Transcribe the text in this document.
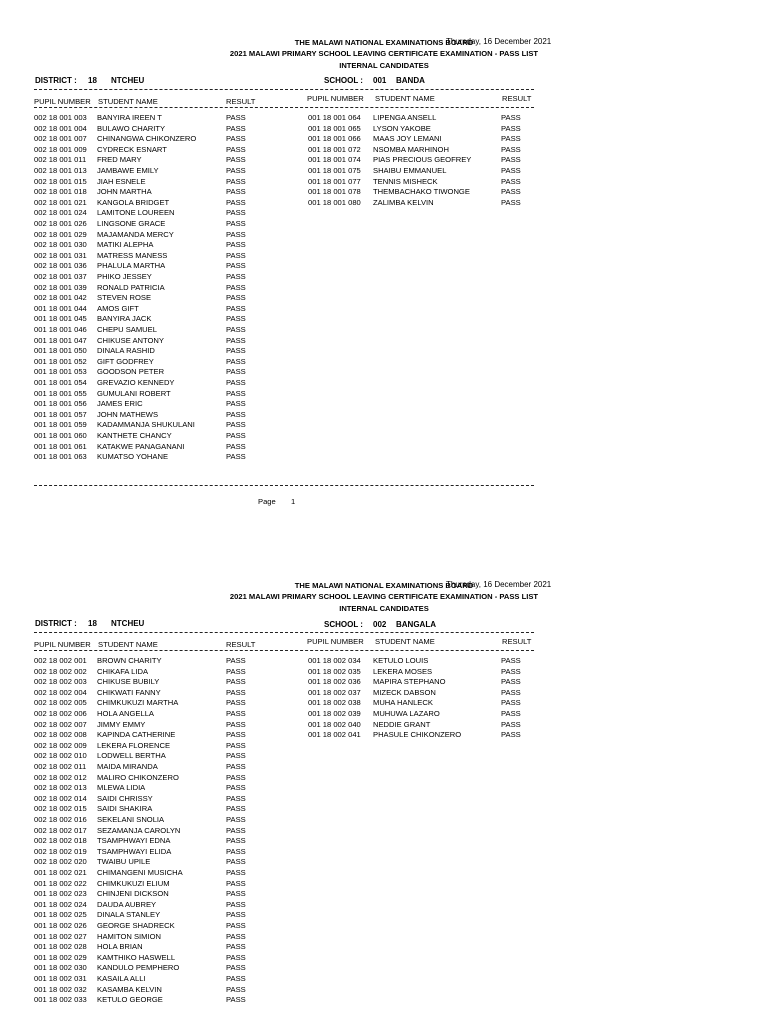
THE MALAWI NATIONAL EXAMINATIONS BOARD
Thursday, 16 December 2021
2021 MALAWI PRIMARY SCHOOL LEAVING CERTIFICATE EXAMINATION - PASS LIST
INTERNAL CANDIDATES
DISTRICT : 18 NTCHEU	SCHOOL : 001 BANDA
PUPIL NUMBER STUDENT NAME	RESULT	PUPIL NUMBER STUDENT NAME	RESULT
002 18 001 003 BANYIRA IREEN T	PASS
002 18 001 004 BULAWO CHARITY	PASS
002 18 001 007 CHINANGWA CHIKONZERO	PASS
002 18 001 009 CYDRECK ESNART	PASS
002 18 001 011 FRED MARY	PASS
002 18 001 013 JAMBAWE EMILY	PASS
002 18 001 015 JIAH ESNELE	PASS
002 18 001 018 JOHN MARTHA	PASS
002 18 001 021 KANGOLA BRIDGET	PASS
002 18 001 024 LAMITONE LOUREEN	PASS
002 18 001 026 LINGSONE GRACE	PASS
002 18 001 029 MAJAMANDA MERCY	PASS
002 18 001 030 MATIKI ALEPHA	PASS
002 18 001 031 MATRESS MANESS	PASS
002 18 001 036 PHALULA MARTHA	PASS
002 18 001 037 PHIKO JESSEY	PASS
002 18 001 039 RONALD PATRICIA	PASS
002 18 001 042 STEVEN ROSE	PASS
001 18 001 044 AMOS GIFT	PASS
001 18 001 045 BANYIRA JACK	PASS
001 18 001 046 CHEPU SAMUEL	PASS
001 18 001 047 CHIKUSE ANTONY	PASS
001 18 001 050 DINALA RASHID	PASS
001 18 001 052 GIFT GODFREY	PASS
001 18 001 053 GOODSON PETER	PASS
001 18 001 054 GREVAZIO KENNEDY	PASS
001 18 001 055 GUMULANI ROBERT	PASS
001 18 001 056 JAMES ERIC	PASS
001 18 001 057 JOHN MATHEWS	PASS
001 18 001 059 KADAMMANJA SHUKULANI	PASS
001 18 001 060 KANTHETE CHANCY	PASS
001 18 001 061 KATAKWE PANAGANANI	PASS
001 18 001 063 KUMATSO YOHANE	PASS
001 18 001 064 LIPENGA ANSELL	PASS
001 18 001 065 LYSON YAKOBE	PASS
001 18 001 066 MAAS JOY LEMANI	PASS
001 18 001 072 NSOMBA MARHINOH	PASS
001 18 001 074 PIAS PRECIOUS GEOFREY	PASS
001 18 001 075 SHAIBU EMMANUEL	PASS
001 18 001 077 TENNIS MISHECK	PASS
001 18 001 078 THEMBACHAKO TIWONGE	PASS
001 18 001 080 ZALIMBA KELVIN	PASS
Page 1
THE MALAWI NATIONAL EXAMINATIONS BOARD
Thursday, 16 December 2021
2021 MALAWI PRIMARY SCHOOL LEAVING CERTIFICATE EXAMINATION - PASS LIST
INTERNAL CANDIDATES
DISTRICT : 18 NTCHEU	SCHOOL : 002 BANGALA
PUPIL NUMBER STUDENT NAME	RESULT	PUPIL NUMBER STUDENT NAME	RESULT
002 18 002 001 BROWN CHARITY	PASS
002 18 002 002 CHIKAFA LIDA	PASS
002 18 002 003 CHIKUSE BUBILY	PASS
002 18 002 004 CHIKWATI FANNY	PASS
002 18 002 005 CHIMKUKUZI MARTHA	PASS
002 18 002 006 HOLA ANGELLA	PASS
002 18 002 007 JIMMY EMMY	PASS
002 18 002 008 KAPINDA CATHERINE	PASS
002 18 002 009 LEKERA FLORENCE	PASS
002 18 002 010 LODWELL BERTHA	PASS
002 18 002 011 MAIDA MIRANDA	PASS
002 18 002 012 MALIRO CHIKONZERO	PASS
002 18 002 013 MLEWA LIDIA	PASS
002 18 002 014 SAIDI CHRISSY	PASS
002 18 002 015 SAIDI SHAKIRA	PASS
002 18 002 016 SEKELANI SNOLIA	PASS
002 18 002 017 SEZAMANJA CAROLYN	PASS
002 18 002 018 TSAMPHWAYI EDNA	PASS
002 18 002 019 TSAMPHWAYI ELIDA	PASS
002 18 002 020 TWAIBU UPILE	PASS
001 18 002 021 CHIMANGENI MUSICHA	PASS
001 18 002 022 CHIMKUKUZI ELIUM	PASS
001 18 002 023 CHINJENI DICKSON	PASS
001 18 002 024 DAUDA AUBREY	PASS
001 18 002 025 DINALA STANLEY	PASS
001 18 002 026 GEORGE SHADRECK	PASS
001 18 002 027 HAMITON SIMION	PASS
001 18 002 028 HOLA BRIAN	PASS
001 18 002 029 KAMTHIKO HASWELL	PASS
001 18 002 030 KANDULO PEMPHERO	PASS
001 18 002 031 KASAILA ALLI	PASS
001 18 002 032 KASAMBA KELVIN	PASS
001 18 002 033 KETULO GEORGE	PASS
001 18 002 034 KETULO LOUIS	PASS
001 18 002 035 LEKERA MOSES	PASS
001 18 002 036 MAPIRA STEPHANO	PASS
001 18 002 037 MIZECK DABSON	PASS
001 18 002 038 MUHA HANLECK	PASS
001 18 002 039 MUHUWA LAZARO	PASS
001 18 002 040 NEDDIE GRANT	PASS
001 18 002 041 PHASULE CHIKONZERO	PASS
